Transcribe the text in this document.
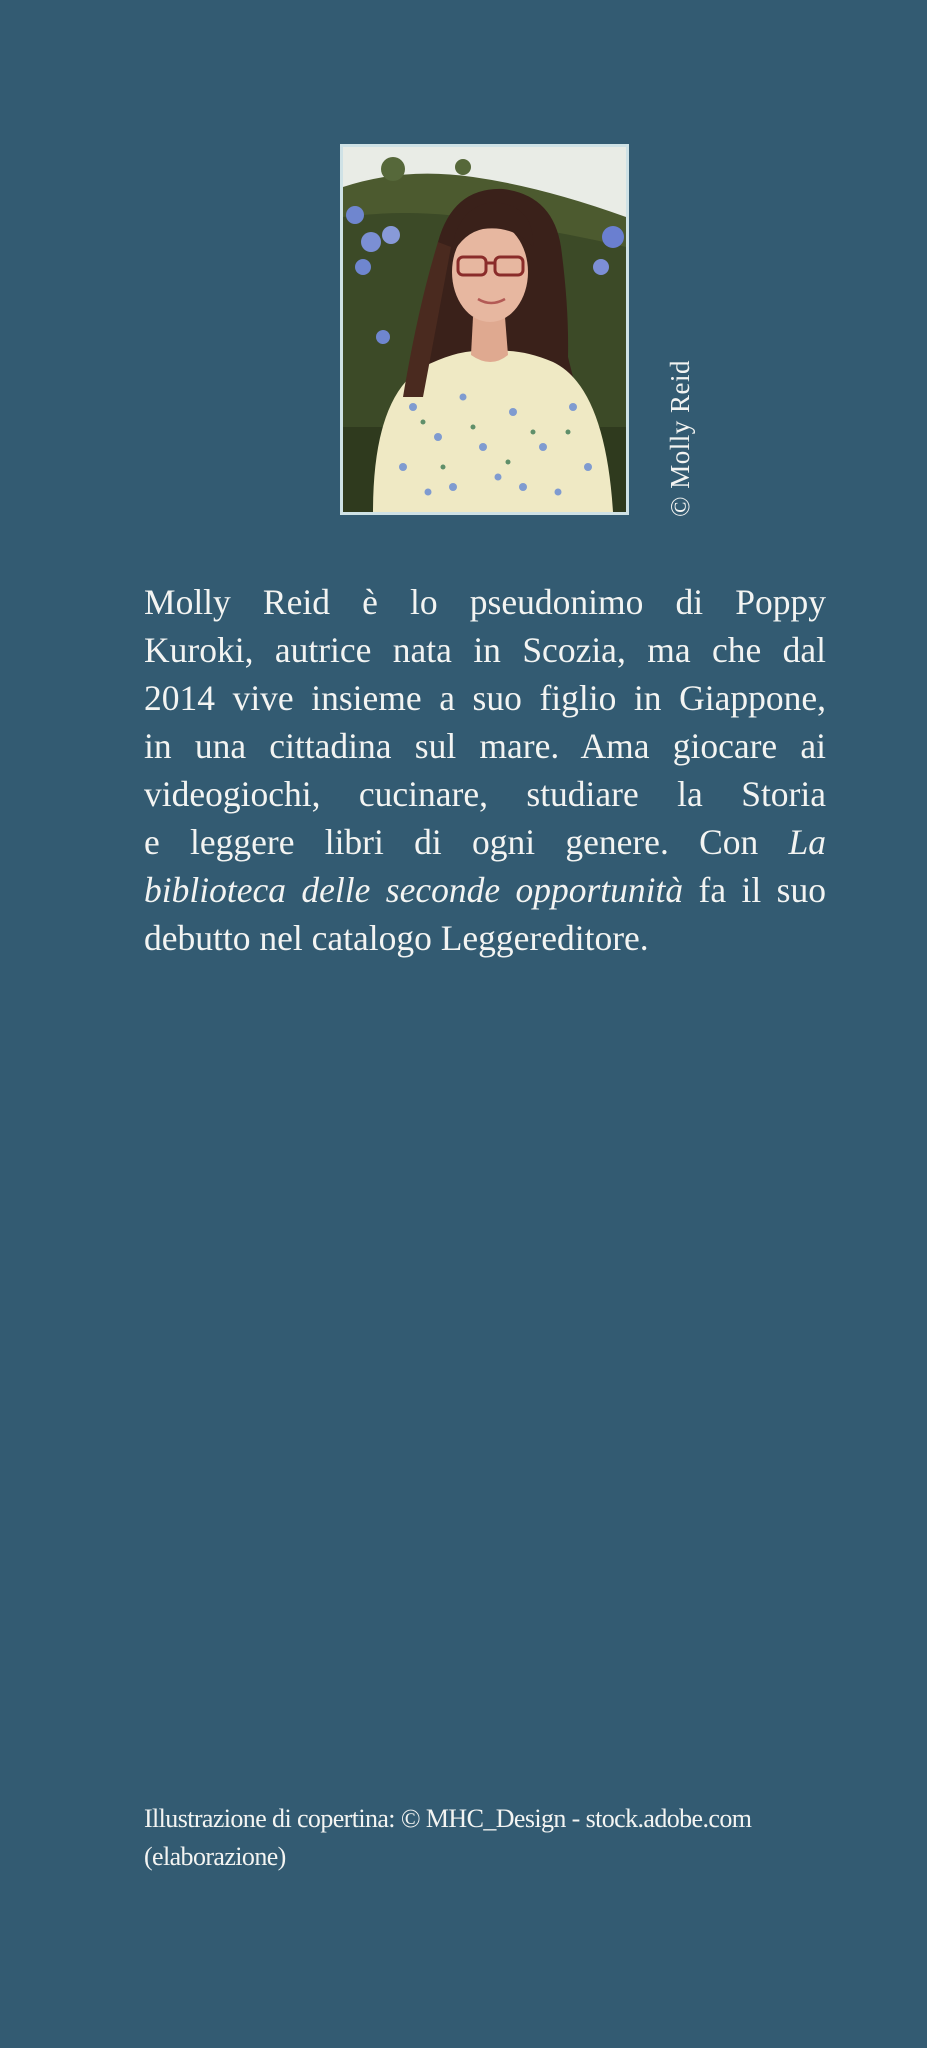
© Molly Reid

Molly Reid è lo pseudonimo di Poppy
Kuroki, autrice nata in Scozia, ma che dal
2014 vive insieme a suo figlio in Giappone,
in una cittadina sul mare. Ama giocare ai
videogiochi, cucinare, studiare la Storia
e leggere libri di ogni genere. Con La
biblioteca delle seconde opportunità fa il suo
debutto nel catalogo Leggereditore.

Illustrazione di copertina: © MHC_Design - stock.adobe.com
(elaborazione)
